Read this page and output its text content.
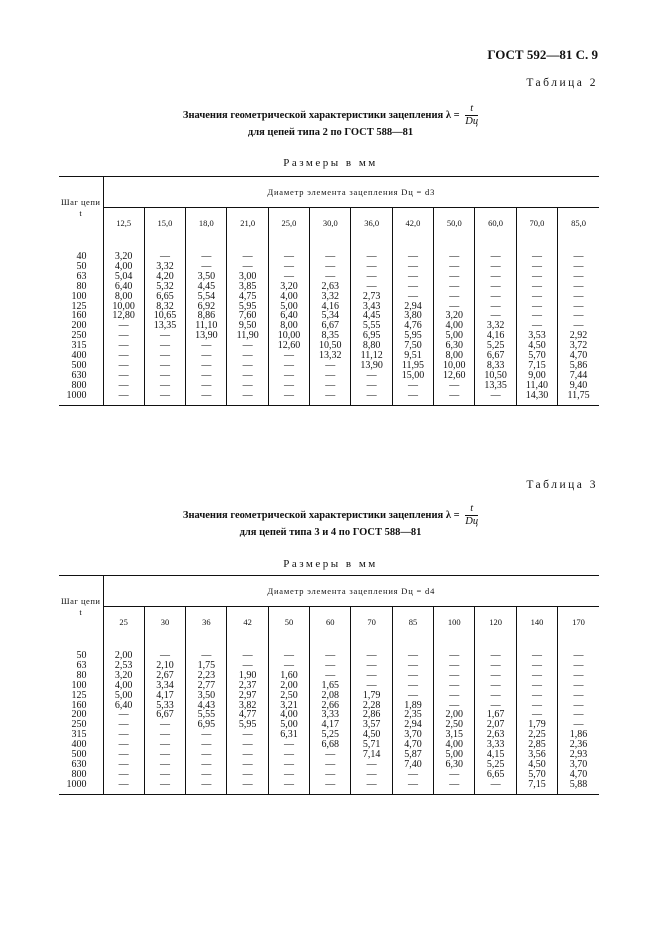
ГОСТ 592—81 С. 9
Таблица 2
Значения геометрической характеристики зацепления $\lambda = \frac{t}{Dц}$
для цепей типа 2 по ГОСТ 588—81
Размеры в мм
Шаг цепи t	Диаметр элемента зацепления Dц = d3											
	12,5	15,0	18,0	21,0	25,0	30,0	36,0	42,0	50,0	60,0	70,0	85,0
40	3,20	—	—	—	—	—	—	—	—	—	—	—
50	4,00	3,32	—	—	—	—	—	—	—	—	—	—
63	5,04	4,20	3,50	3,00	—	—	—	—	—	—	—	—
80	6,40	5,32	4,45	3,85	3,20	2,63	—	—	—	—	—	—
100	8,00	6,65	5,54	4,75	4,00	3,32	2,73	—	—	—	—	—
125	10,00	8,32	6,92	5,95	5,00	4,16	3,43	2,94	—	—	—	—
160	12,80	10,65	8,86	7,60	6,40	5,34	4,45	3,80	3,20	—	—	—
200	—	13,35	11,10	9,50	8,00	6,67	5,55	4,76	4,00	3,32	—	—
250	—	—	13,90	11,90	10,00	8,35	6,95	5,95	5,00	4,16	3,53	2,92
315	—	—	—	—	12,60	10,50	8,80	7,50	6,30	5,25	4,50	3,72
400	—	—	—	—	—	13,32	11,12	9,51	8,00	6,67	5,70	4,70
500	—	—	—	—	—	—	13,90	11,95	10,00	8,33	7,15	5,86
630	—	—	—	—	—	—	—	15,00	12,60	10,50	9,00	7,44
800	—	—	—	—	—	—	—	—	—	13,35	11,40	9,40
1000	—	—	—	—	—	—	—	—	—	—	14,30	11,75
Таблица 3
Значения геометрической характеристики зацепления $\lambda = \frac{t}{Dц}$
для цепей типа 3 и 4 по ГОСТ 588—81
Размеры в мм
Шаг цепи t	Диаметр элемента зацепления Dц = d4											
	25	30	36	42	50	60	70	85	100	120	140	170
50	2,00	—	—	—	—	—	—	—	—	—	—	—
63	2,53	2,10	1,75	—	—	—	—	—	—	—	—	—
80	3,20	2,67	2,23	1,90	1,60	—	—	—	—	—	—	—
100	4,00	3,34	2,77	2,37	2,00	1,65	—	—	—	—	—	—
125	5,00	4,17	3,50	2,97	2,50	2,08	1,79	—	—	—	—	—
160	6,40	5,33	4,43	3,82	3,21	2,66	2,28	1,89	—	—	—	—
200	—	6,67	5,55	4,77	4,00	3,33	2,86	2,35	2,00	1,67	—	—
250	—	—	6,95	5,95	5,00	4,17	3,57	2,94	2,50	2,07	1,79	—
315	—	—	—	—	6,31	5,25	4,50	3,70	3,15	2,63	2,25	1,86
400	—	—	—	—	—	6,68	5,71	4,70	4,00	3,33	2,85	2,36
500	—	—	—	—	—	—	7,14	5,87	5,00	4,15	3,56	2,93
630	—	—	—	—	—	—	—	7,40	6,30	5,25	4,50	3,70
800	—	—	—	—	—	—	—	—	—	6,65	5,70	4,70
1000	—	—	—	—	—	—	—	—	—	—	7,15	5,88
